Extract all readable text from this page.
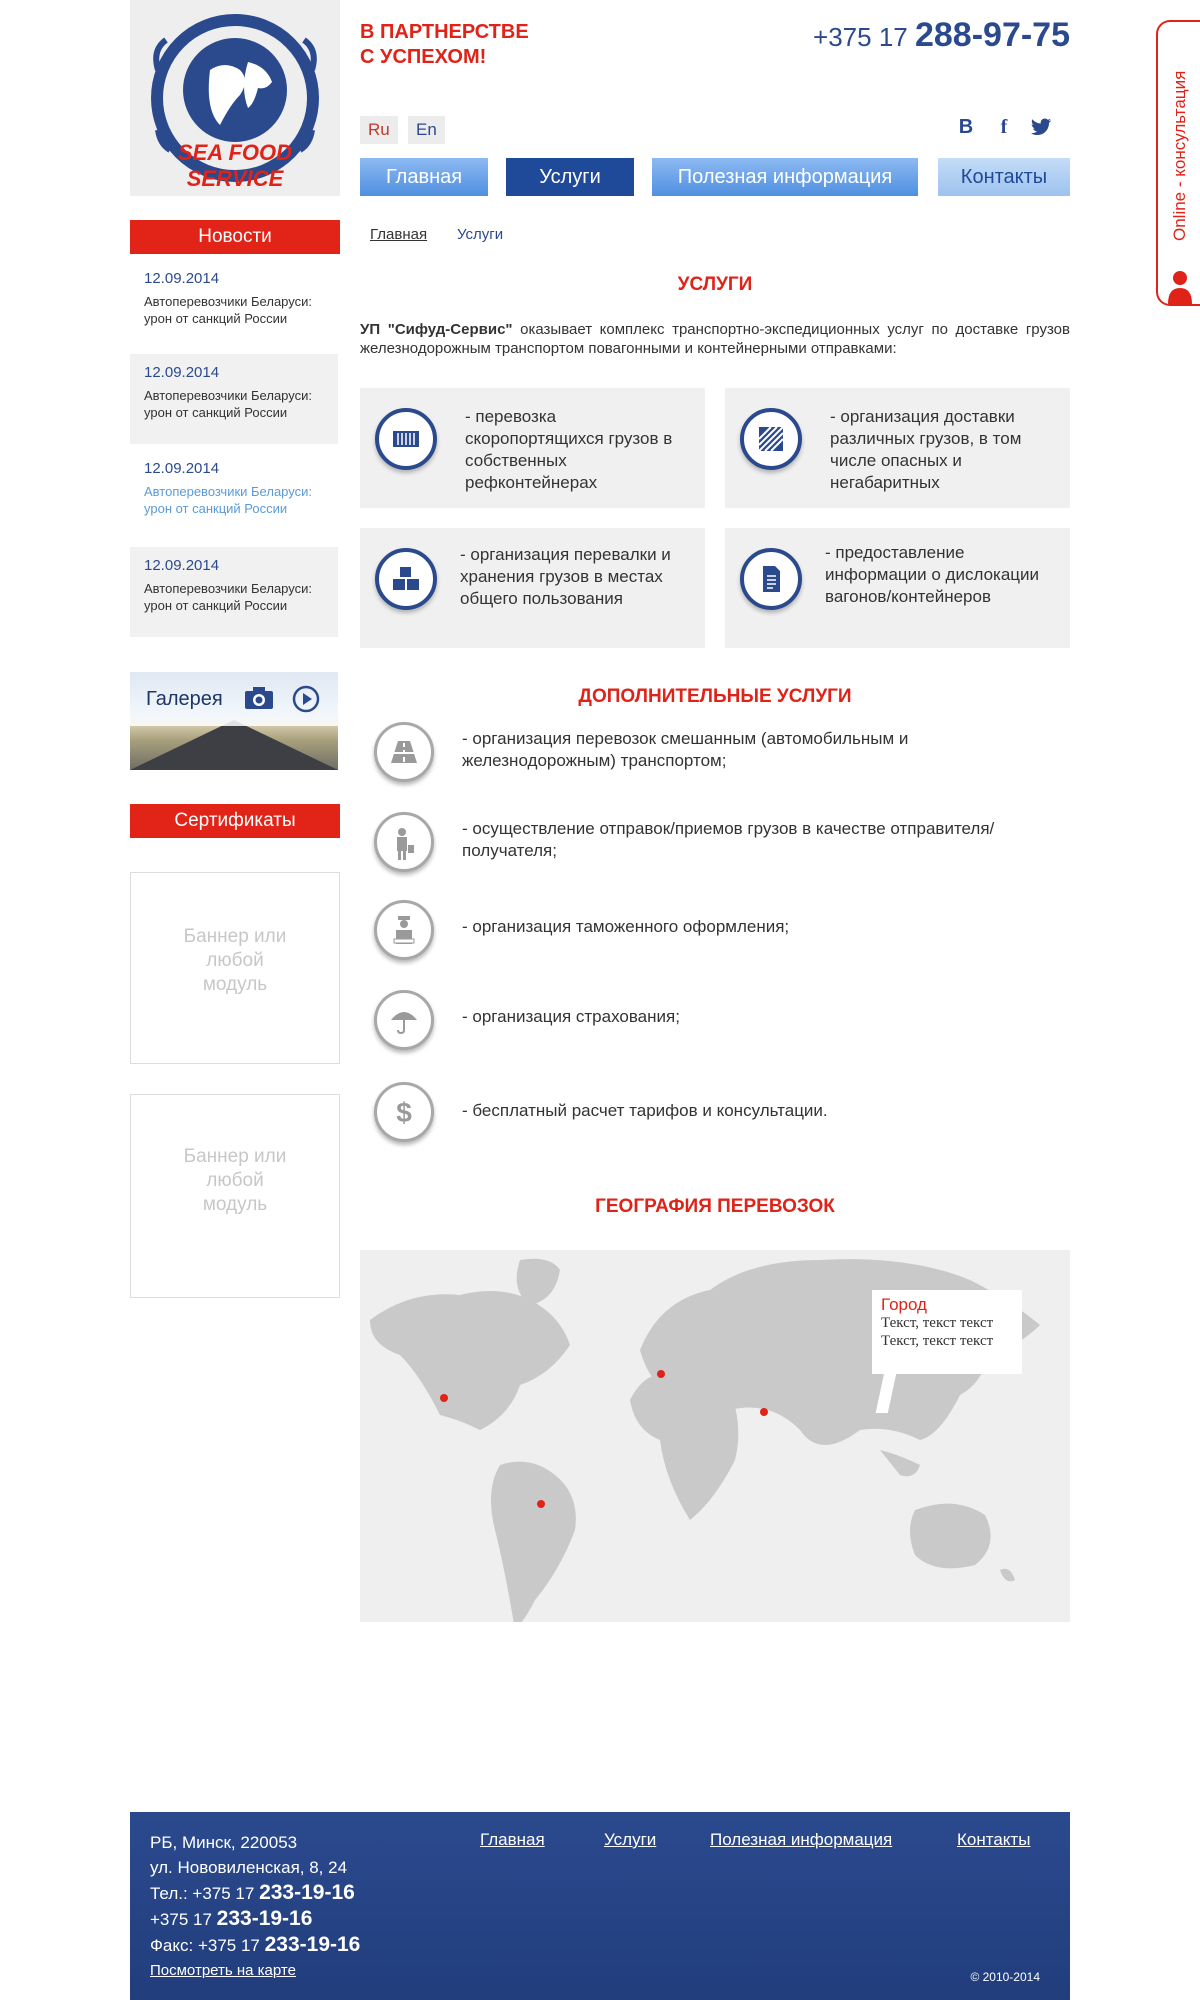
SEA FOOD SERVICE
В ПАРТНЕРСТВЕ
С УСПЕХОМ!
+375 17 288-97-75
Ru	En	B	f
Главная	Услуги	Полезная информация	Контакты	Online - консультация
Новости
12.09.2014
Автоперевозчики Беларуси: урон от санкций России
12.09.2014
Автоперевозчики Беларуси: урон от санкций России
12.09.2014
Автоперевозчики Беларуси: урон от санкций России
12.09.2014
Автоперевозчики Беларуси: урон от санкций России
Галерея
Сертификаты
Баннер или любой модуль
Баннер или любой модуль
Главная Услуги
УСЛУГИ
УП "Сифуд-Сервис" оказывает комплекс транспортно-экспедиционных услуг по доставке грузов железнодорожным транспортом повагонными и контейнерными отправками:
- перевозка скоропортящихся грузов в собственных рефконтейнерах
- организация доставки различных грузов, в том числе опасных и негабаритных
- организация перевалки и хранения грузов в местах общего пользования
- предоставление информации о дислокации вагонов/контейнеров
ДОПОЛНИТЕЛЬНЫЕ УСЛУГИ
- организация перевозок смешанным (автомобильным и железнодорожным) транспортом;
- осуществление отправок/приемов грузов в качестве отправителя/получателя;
- организация таможенного оформления;
- организация страхования;
$	- бесплатный расчет тарифов и консультации.
ГЕОГРАФИЯ ПЕРЕВОЗОК
Город
Текст, текст текст
Текст, текст текст
РБ, Минск, 220053
ул. Нововиленская, 8, 24
Тел.: +375 17 233-19-16
+375 17 233-19-16
Факс: +375 17 233-19-16
Посмотреть на карте
Главная	Услуги	Полезная информация	Контакты
© 2010-2014
